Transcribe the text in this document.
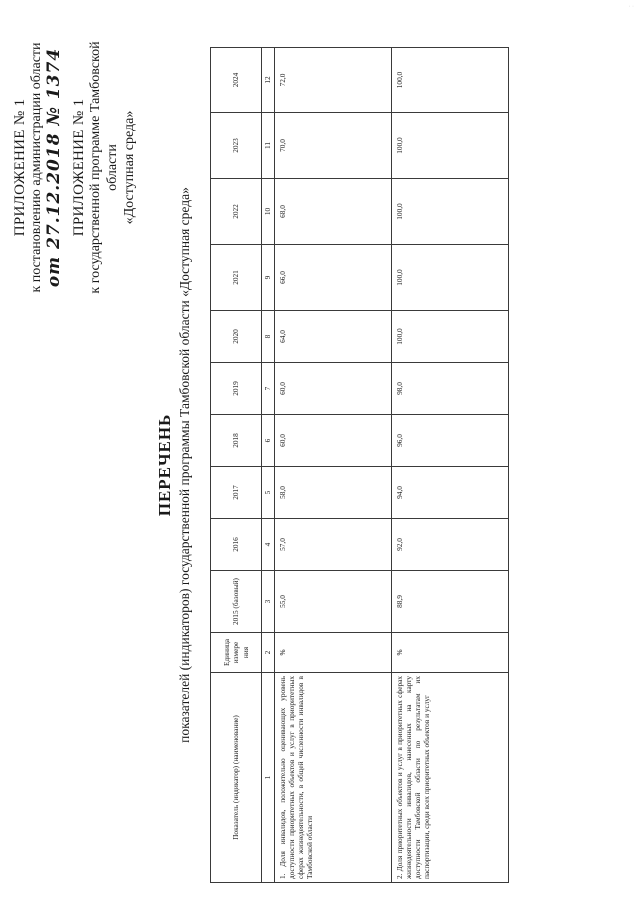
· ·
ПРИЛОЖЕНИЕ № 1 к постановлению администрации области от 27.12.2018 № 1374 ПРИЛОЖЕНИЕ № 1 к государственной программе Тамбовской области «Доступная среда»
ПЕРЕЧЕНЬ показателей (индикаторов) государственной программы Тамбовской области «Доступная среда»
Показатель (индикатор) (наименование)	Единица измере ния	2015 (базовый)	2016	2017	2018	2019	2020	2021	2022	2023	2024
1	2	3	4	5	6	7	8	9	10	11	12
1. Доля инвалидов, положительно оценивающих уровень доступности приоритетных объектов и услуг в приоритетных сферах жизнедеятельности, в общей численности инвалидов в Тамбовской области	%	55,0	57,0	58,0	60,0	60,0	64,0	66,0	68,0	70,0	72,0
2. Доля приоритетных объектов и услуг в приоритетных сферах жизнедеятельности инвалидов, нанесенных на карту доступности Тамбовской области по результатам их паспортизации, среди всех приоритетных объектов и услуг	%	88,9	92,0	94,0	96,0	98,0	100,0	100,0	100,0	100,0	100,0
